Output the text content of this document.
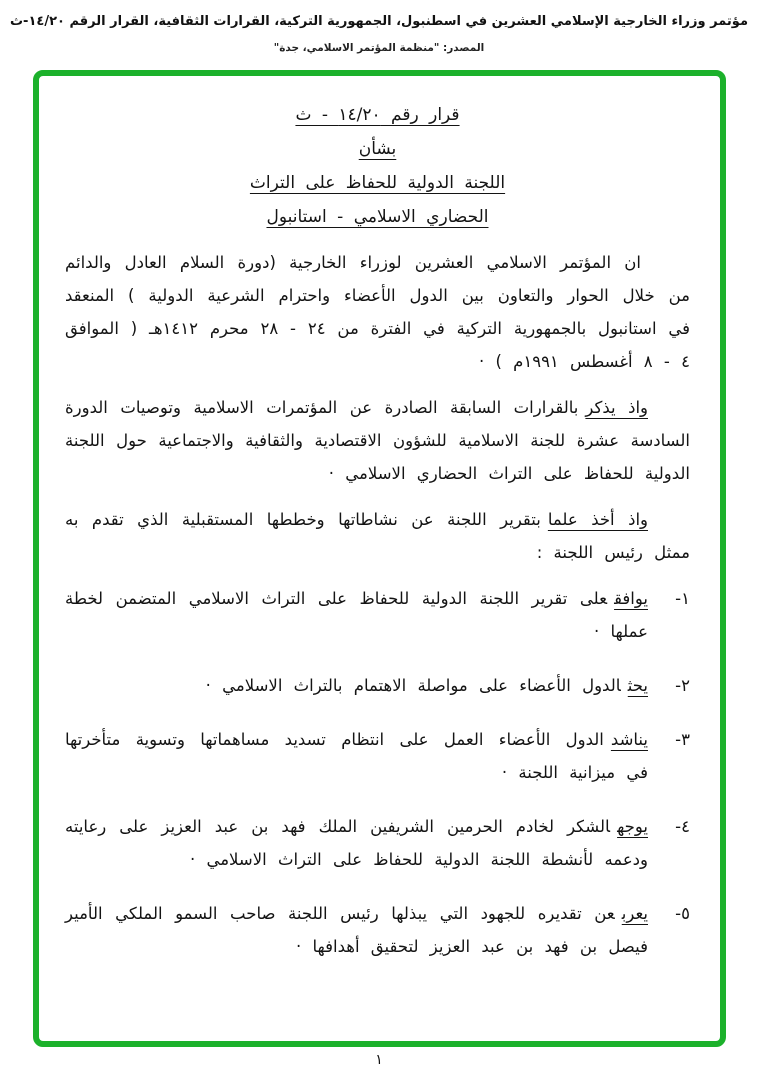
مؤتمر وزراء الخارجية الإسلامي العشرين في اسطنبول، الجمهورية التركية، القرارات الثقافية، القرار الرقم ١٤/٢٠-ث
المصدر: "منظمة المؤتمر الاسلامي، جدة"
قرار رقم ١٤/٢٠ - ث
بشأن
اللجنة الدولية للحفاظ على التراث
الحضاري الاسلامي - استانبول

ان المؤتمر الاسلامي العشرين لوزراء الخارجية (دورة السلام العادل والدائم من خلال الحوار والتعاون بين الدول الأعضاء واحترام الشرعية الدولية ) المنعقد في استانبول بالجمهورية التركية في الفترة من ٢٤ - ٢٨ محرم ١٤١٢هـ ( الموافق ٤ - ٨ أغسطس ١٩٩١م ) ·

واذ يذكربالقرارات السابقة الصادرة عن المؤتمرات الاسلامية وتوصيات الدورة السادسة عشرة للجنة الاسلامية للشؤون الاقتصادية والثقافية والاجتماعية حول اللجنة الدولية للحفاظ على التراث الحضاري الاسلامي ·

واذ أخذ علمابتقرير اللجنة عن نشاطاتها وخططها المستقبلية الذي تقدم به ممثل رئيس اللجنة :

١-
يوافقعلى تقرير اللجنة الدولية للحفاظ على التراث الاسلامي المتضمن لخطة عملها ·
٢-
يحثالدول الأعضاء على مواصلة الاهتمام بالتراث الاسلامي ·
٣-
يناشدالدول الأعضاء العمل على انتظام تسديد مساهماتها وتسوية متأخرتها في ميزانية اللجنة ·
٤-
يوجهالشكر لخادم الحرمين الشريفين الملك فهد بن عبد العزيز على رعايته ودعمه لأنشطة اللجنة الدولية للحفاظ على التراث الاسلامي ·
٥-
يعربعن تقديره للجهود التي يبذلها رئيس اللجنة صاحب السمو الملكي الأمير فيصل بن فهد بن عبد العزيز لتحقيق أهدافها ·
١
